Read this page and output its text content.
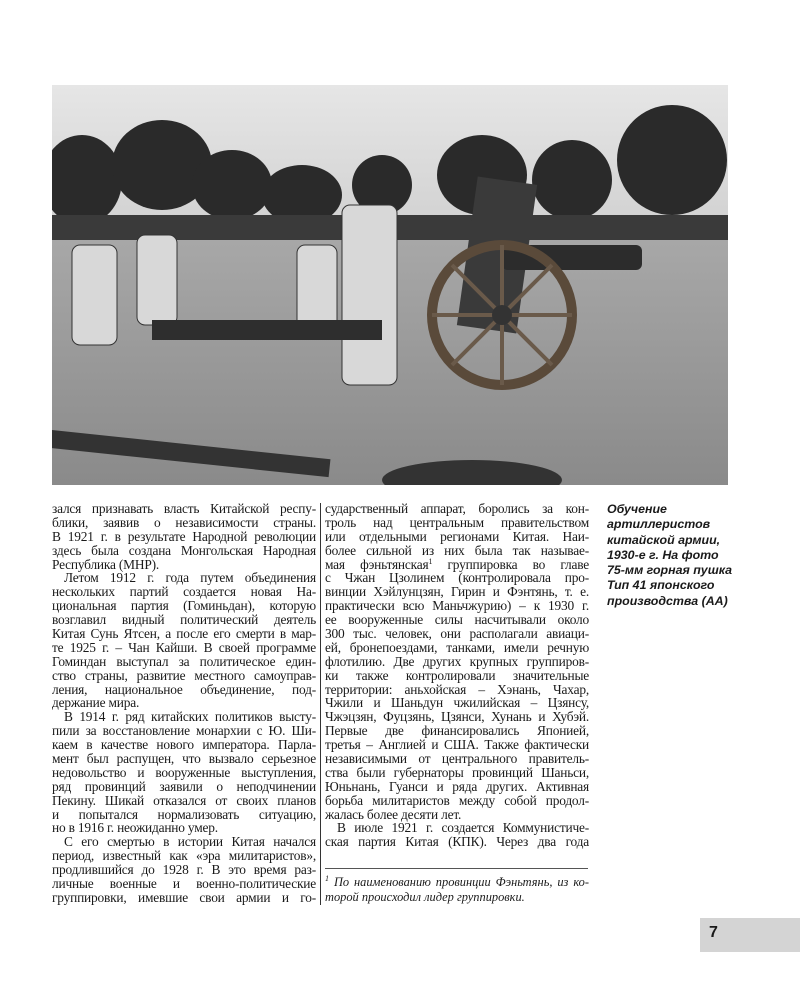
зался признавать власть Китайской респу-
блики, заявив о независимости страны.
В 1921 г. в результате Народной революции
здесь была создана Монгольская Народная
Республика (МНР).
Летом 1912 г. года путем объединения
нескольких партий создается новая На-
циональная партия (Гоминьдан), которую
возглавил видный политический деятель
Китая Сунь Ятсен, а после его смерти в мар-
те 1925 г. – Чан Кайши. В своей программе
Гоминдан выступал за политическое един-
ство страны, развитие местного самоуправ-
ления, национальное объединение, под-
держание мира.
В 1914 г. ряд китайских политиков высту-
пили за восстановление монархии с Ю. Ши-
каем в качестве нового императора. Парла-
мент был распущен, что вызвало серьезное
недовольство и вооруженные выступления,
ряд провинций заявили о неподчинении
Пекину. Шикай отказался от своих планов
и попытался нормализовать ситуацию,
но в 1916 г. неожиданно умер.
С его смертью в истории Китая начался
период, известный как «эра милитаристов»,
продлившийся до 1928 г. В это время раз-
личные военные и военно-политические
группировки, имевшие свои армии и го-
сударственный аппарат, боролись за кон-
троль над центральным правительством
или отдельными регионами Китая. Наи-
более сильной из них была так называе-
мая фэньтянская$^1$ группировка во главе
с Чжан Цзолинем (контролировала про-
винции Хэйлунцзян, Гирин и Фэнтянь, т. е.
практически всю Маньчжурию) – к 1930 г.
ее вооруженные силы насчитывали около
300 тыс. человек, они располагали авиаци-
ей, бронепоездами, танками, имели речную
флотилию. Две других крупных группиров-
ки также контролировали значительные
территории: аньхойская – Хэнань, Чахар,
Чжили и Шаньдун чжилийская – Цзянсу,
Чжэцзян, Фуцзянь, Цзянси, Хунань и Хубэй.
Первые две финансировались Японией,
третья – Англией и США. Также фактически
независимыми от центрального правитель-
ства были губернаторы провинций Шаньси,
Юньнань, Гуанси и ряда других. Активная
борьба милитаристов между собой продол-
жалась более десяти лет.
В июле 1921 г. создается Коммунистиче-
ская партия Китая (КПК). Через два года
$^1$ По наименованию провинции Фэньтянь, из ко-
торой происходил лидер группировки.
Обучение
артиллеристов
китайской армии,
1930-е г. На фото
75-мм горная пушка
Тип 41 японского
производства (АА)
7
